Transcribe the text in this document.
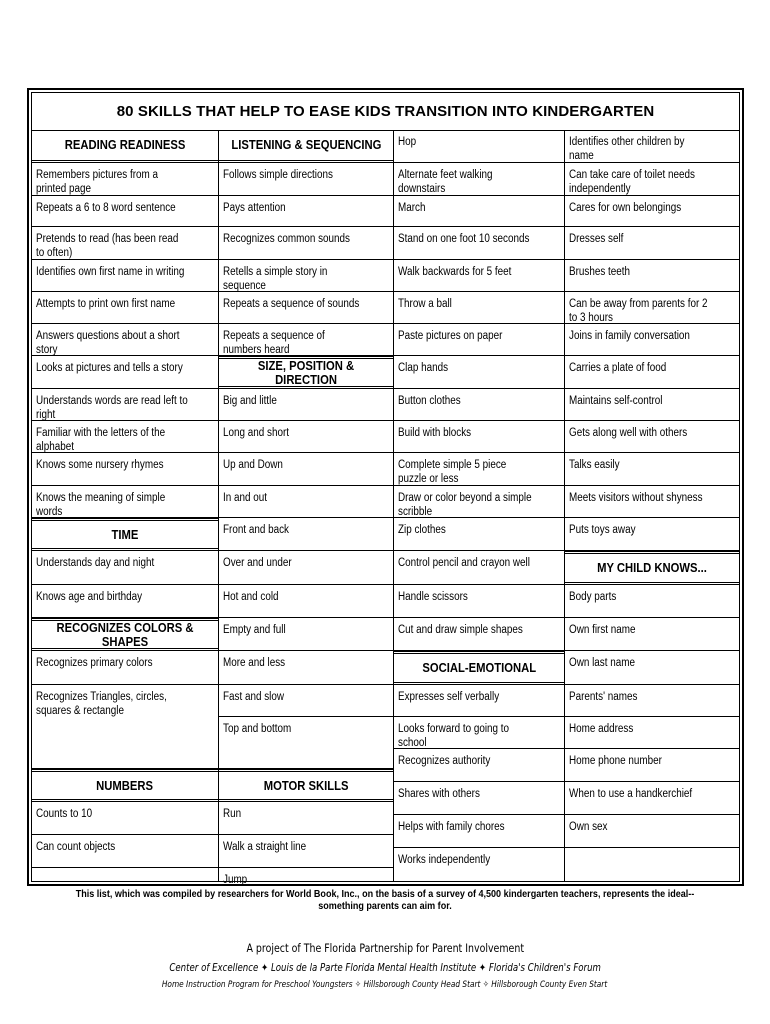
80 SKILLS THAT HELP TO EASE KIDS TRANSITION INTO KINDERGARTEN
READING READINESS
Remembers pictures from a printed page
Repeats a 6 to 8 word sentence
Pretends to read (has been read to often)
Identifies own first name in writing
Attempts to print own first name
Answers questions about a short story
Looks at pictures and tells a story
Understands words are read left to right
Familiar with the letters of the alphabet
Knows some nursery rhymes
Knows the meaning of simple words
TIME
Understands day and night
Knows age and birthday
RECOGNIZES COLORS & SHAPES
Recognizes primary colors
Recognizes Triangles, circles,
squares & rectangle
NUMBERS
Counts to 10
Can count objects
LISTENING & SEQUENCING
Follows simple directions
Pays attention
Recognizes common sounds
Retells a simple story in sequence
Repeats a sequence of sounds
Repeats a sequence of numbers heard
SIZE, POSITION & DIRECTION
Big and little
Long and short
Up and Down
In and out
Front and back
Over and under
Hot and cold
Empty and full
More and less
Fast and slow
Top and bottom
MOTOR SKILLS
Run
Walk a straight line
Jump
Hop
Alternate feet walking downstairs
March
Stand on one foot 10 seconds
Walk backwards for 5 feet
Throw a ball
Paste pictures on paper
Clap hands
Button clothes
Build with blocks
Complete simple 5 piece puzzle or less
Draw or color beyond a simple scribble
Zip clothes
Control pencil and crayon well
Handle scissors
Cut and draw simple shapes
SOCIAL-EMOTIONAL
Expresses self verbally
Looks forward to going to school
Recognizes authority
Shares with others
Helps with family chores
Works independently
Identifies other children by name
Can take care of toilet needs independently
Cares for own belongings
Dresses self
Brushes teeth
Can be away from parents for 2 to 3 hours
Joins in family conversation
Carries a plate of food
Maintains self-control
Gets along well with others
Talks easily
Meets visitors without shyness
Puts toys away
MY CHILD KNOWS...
Body parts
Own first name
Own last name
Parents' names
Home address
Home phone number
When to use a handkerchief
Own sex
This list, which was compiled by researchers for World Book, Inc., on the basis of a survey of 4,500 kindergarten teachers, represents the ideal--something parents can aim for.
A project of The Florida Partnership for Parent Involvement
Center of Excellence ✦ Louis de la Parte Florida Mental Health Institute ✦ Florida's Children's Forum
Home Instruction Program for Preschool Youngsters ✧ Hillsborough County Head Start ✧ Hillsborough County Even Start
